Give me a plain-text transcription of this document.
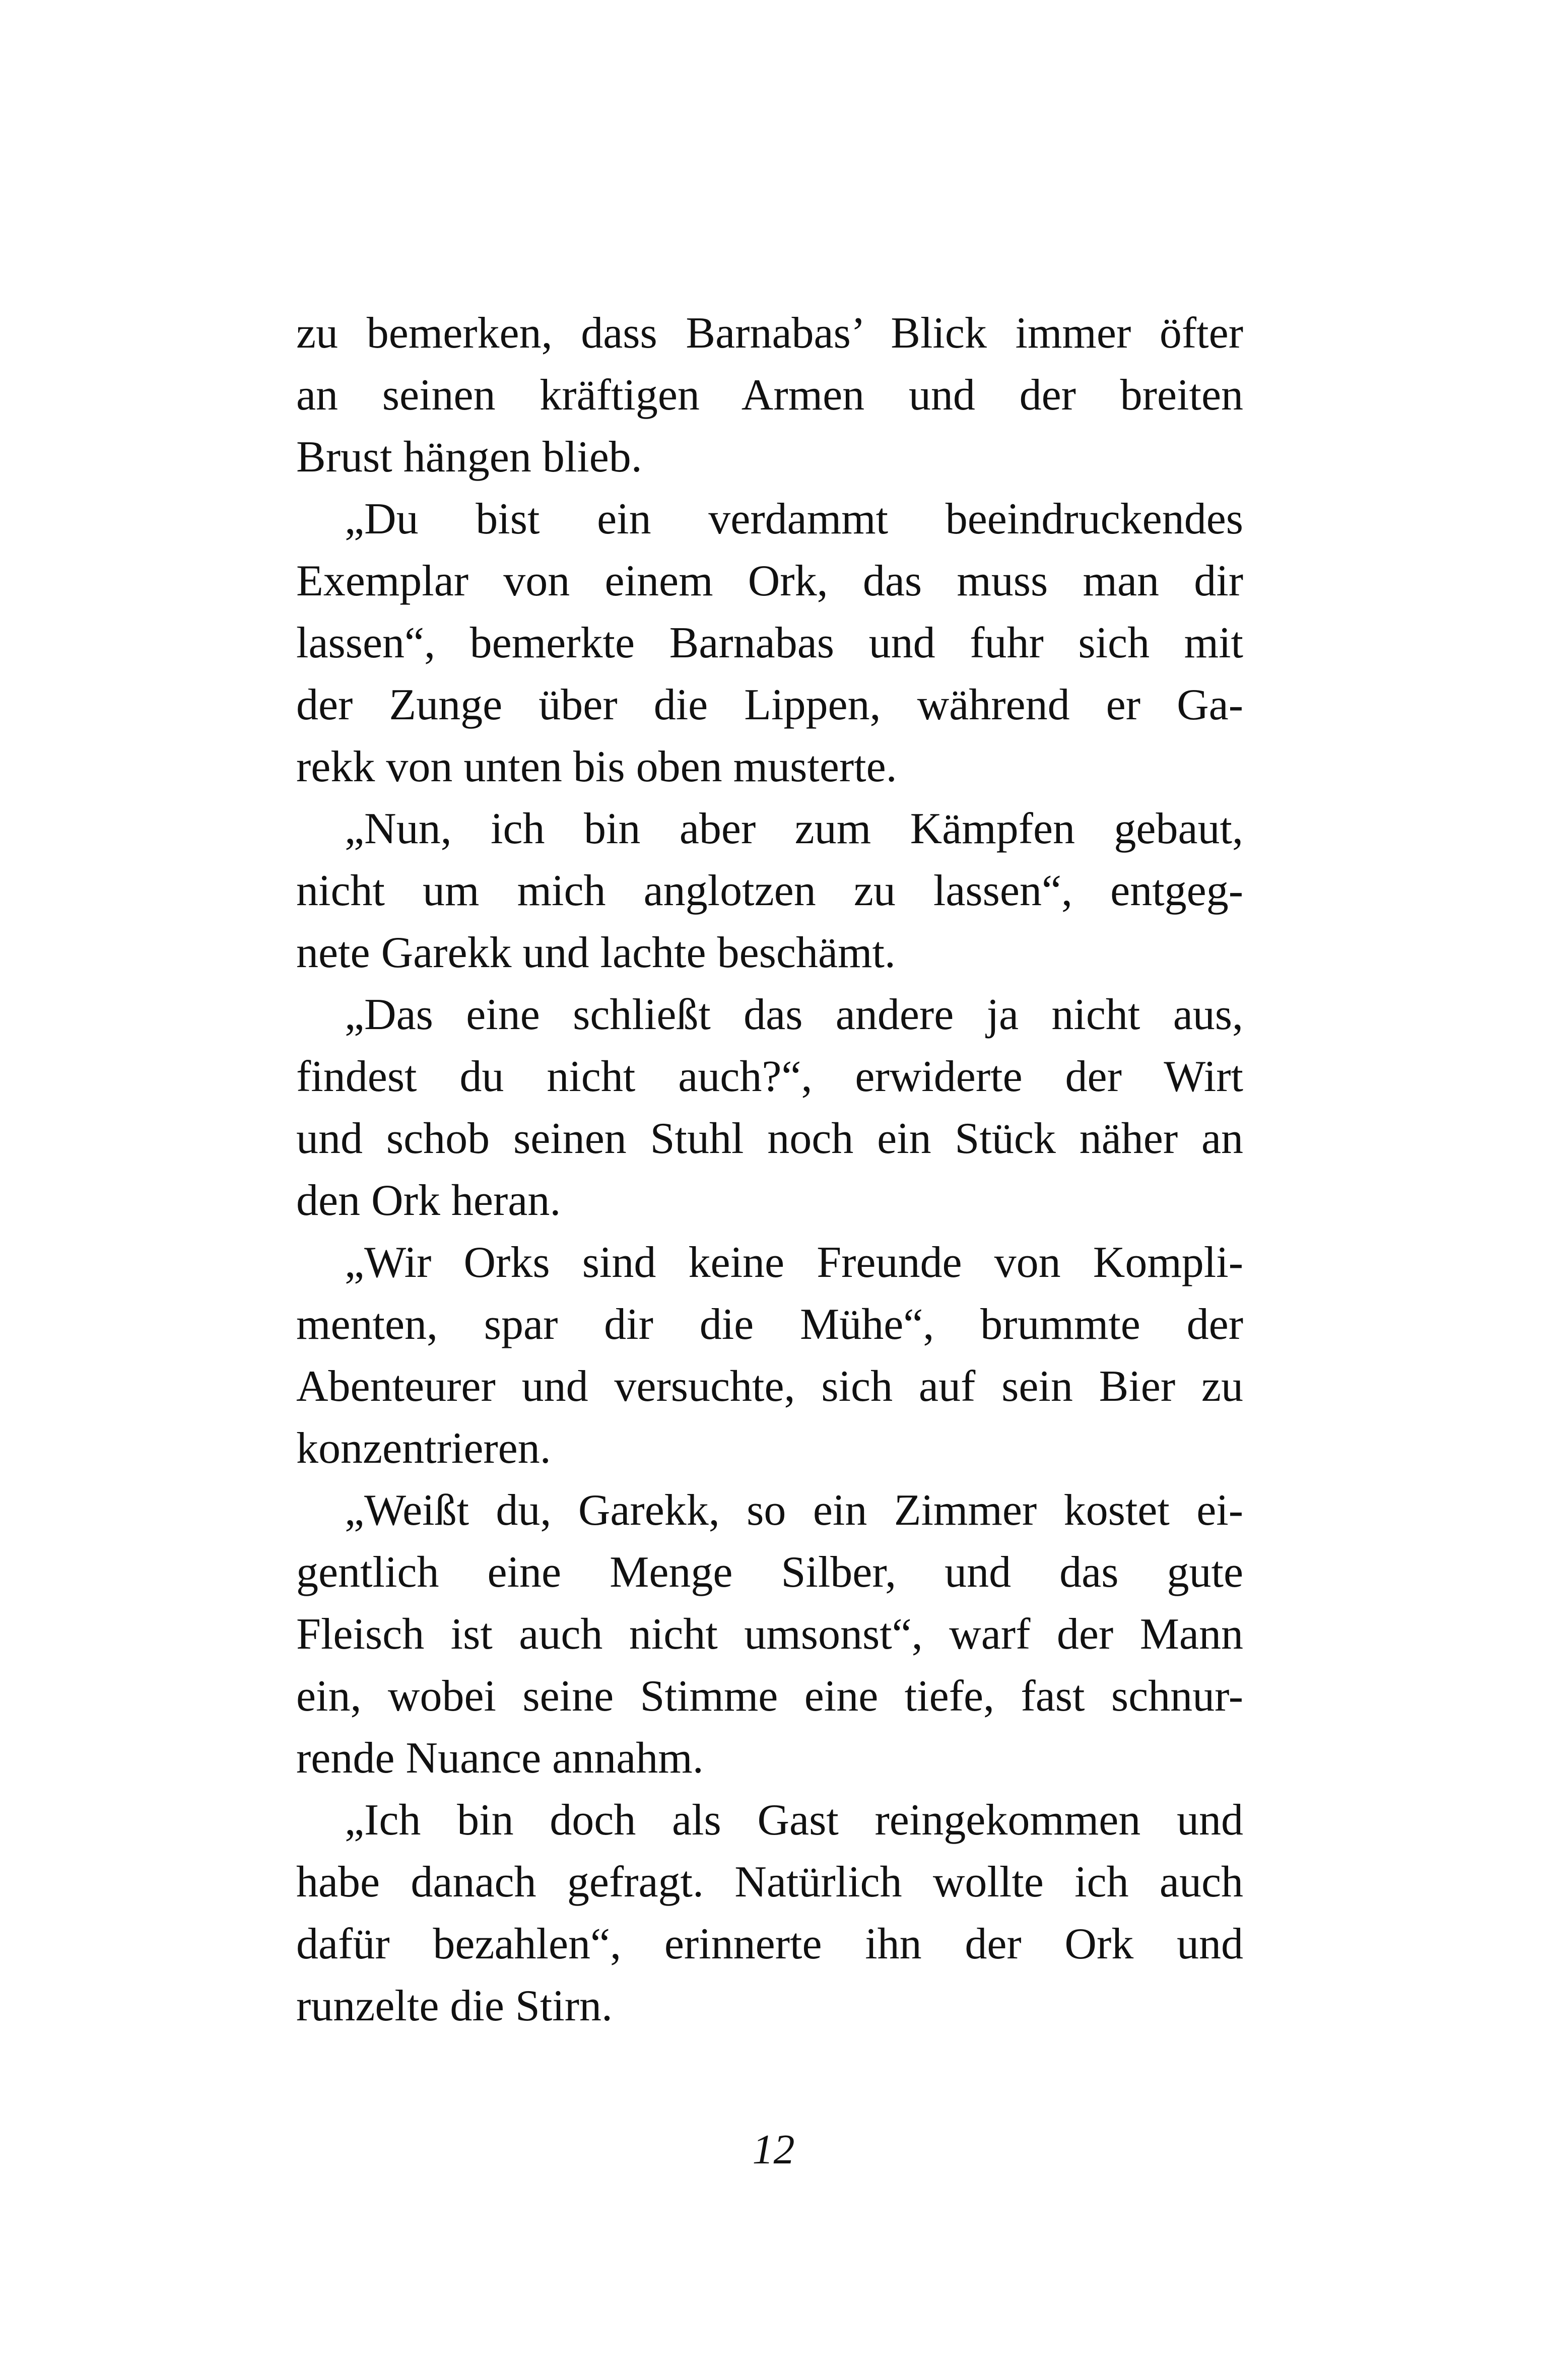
zu bemerken, dass Barnabas’ Blick immer öfter
an seinen kräftigen Armen und der breiten
Brust hängen blieb.
„Du bist ein verdammt beeindruckendes
Exemplar von einem Ork, das muss man dir
lassen“, bemerkte Barnabas und fuhr sich mit
der Zunge über die Lippen, während er Ga-
rekk von unten bis oben musterte.
„Nun, ich bin aber zum Kämpfen gebaut,
nicht um mich anglotzen zu lassen“, entgeg-
nete Garekk und lachte beschämt.
„Das eine schließt das andere ja nicht aus,
findest du nicht auch?“, erwiderte der Wirt
und schob seinen Stuhl noch ein Stück näher an
den Ork heran.
„Wir Orks sind keine Freunde von Kompli-
menten, spar dir die Mühe“, brummte der
Abenteurer und versuchte, sich auf sein Bier zu
konzentrieren.
„Weißt du, Garekk, so ein Zimmer kostet ei-
gentlich eine Menge Silber, und das gute
Fleisch ist auch nicht umsonst“, warf der Mann
ein, wobei seine Stimme eine tiefe, fast schnur-
rende Nuance annahm.
„Ich bin doch als Gast reingekommen und
habe danach gefragt. Natürlich wollte ich auch
dafür bezahlen“, erinnerte ihn der Ork und
runzelte die Stirn.
12
